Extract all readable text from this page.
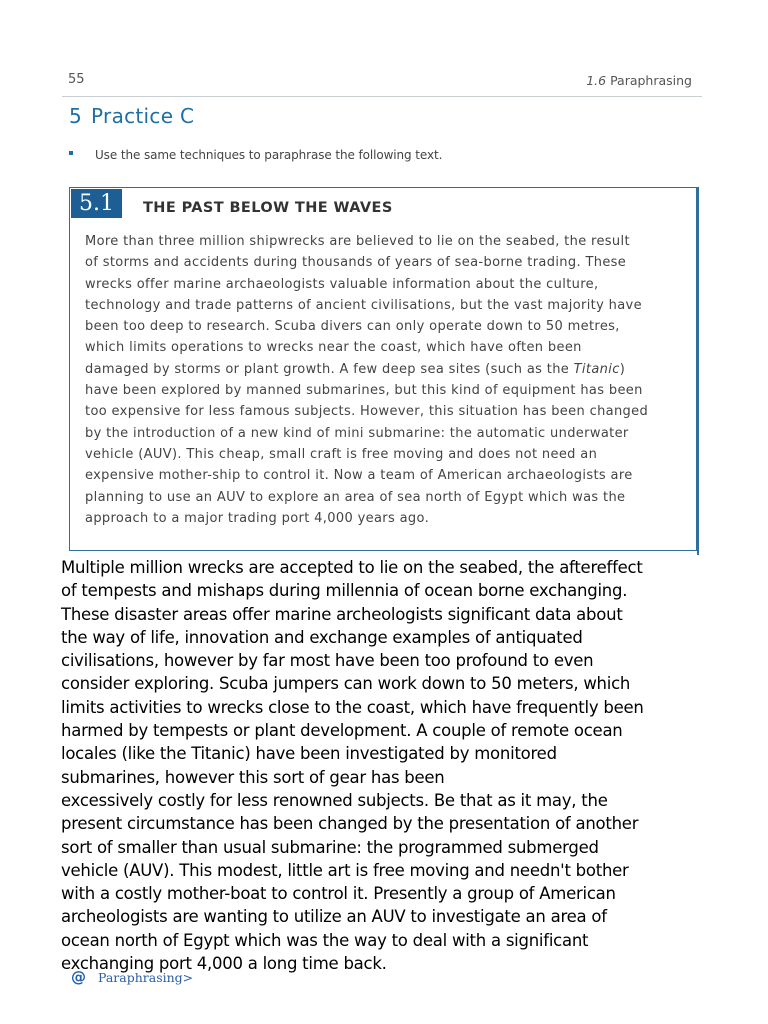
55	1.6 Paraphrasing
5 Practice C
Use the same techniques to paraphrase the following text.
5.1	THE PAST BELOW THE WAVES
More than three million shipwrecks are believed to lie on the seabed, the result
of storms and accidents during thousands of years of sea-borne trading. These
wrecks offer marine archaeologists valuable information about the culture,
technology and trade patterns of ancient civilisations, but the vast majority have
been too deep to research. Scuba divers can only operate down to 50 metres,
which limits operations to wrecks near the coast, which have often been
damaged by storms or plant growth. A few deep sea sites (such as the Titanic)
have been explored by manned submarines, but this kind of equipment has been
too expensive for less famous subjects. However, this situation has been changed
by the introduction of a new kind of mini submarine: the automatic underwater
vehicle (AUV). This cheap, small craft is free moving and does not need an
expensive mother-ship to control it. Now a team of American archaeologists are
planning to use an AUV to explore an area of sea north of Egypt which was the
approach to a major trading port 4,000 years ago.
Multiple million wrecks are accepted to lie on the seabed, the aftereffect
of tempests and mishaps during millennia of ocean borne exchanging.
These disaster areas offer marine archeologists significant data about
the way of life, innovation and exchange examples of antiquated
civilisations, however by far most have been too profound to even
consider exploring. Scuba jumpers can work down to 50 meters, which
limits activities to wrecks close to the coast, which have frequently been
harmed by tempests or plant development. A couple of remote ocean
locales (like the Titanic) have been investigated by monitored
submarines, however this sort of gear has been
excessively costly for less renowned subjects. Be that as it may, the
present circumstance has been changed by the presentation of another
sort of smaller than usual submarine: the programmed submerged
vehicle (AUV). This modest, little art is free moving and needn't bother
with a costly mother-boat to control it. Presently a group of American
archeologists are wanting to utilize an AUV to investigate an area of
ocean north of Egypt which was the way to deal with a significant
exchanging port 4,000 a long time back.
@ Paraphrasing>
